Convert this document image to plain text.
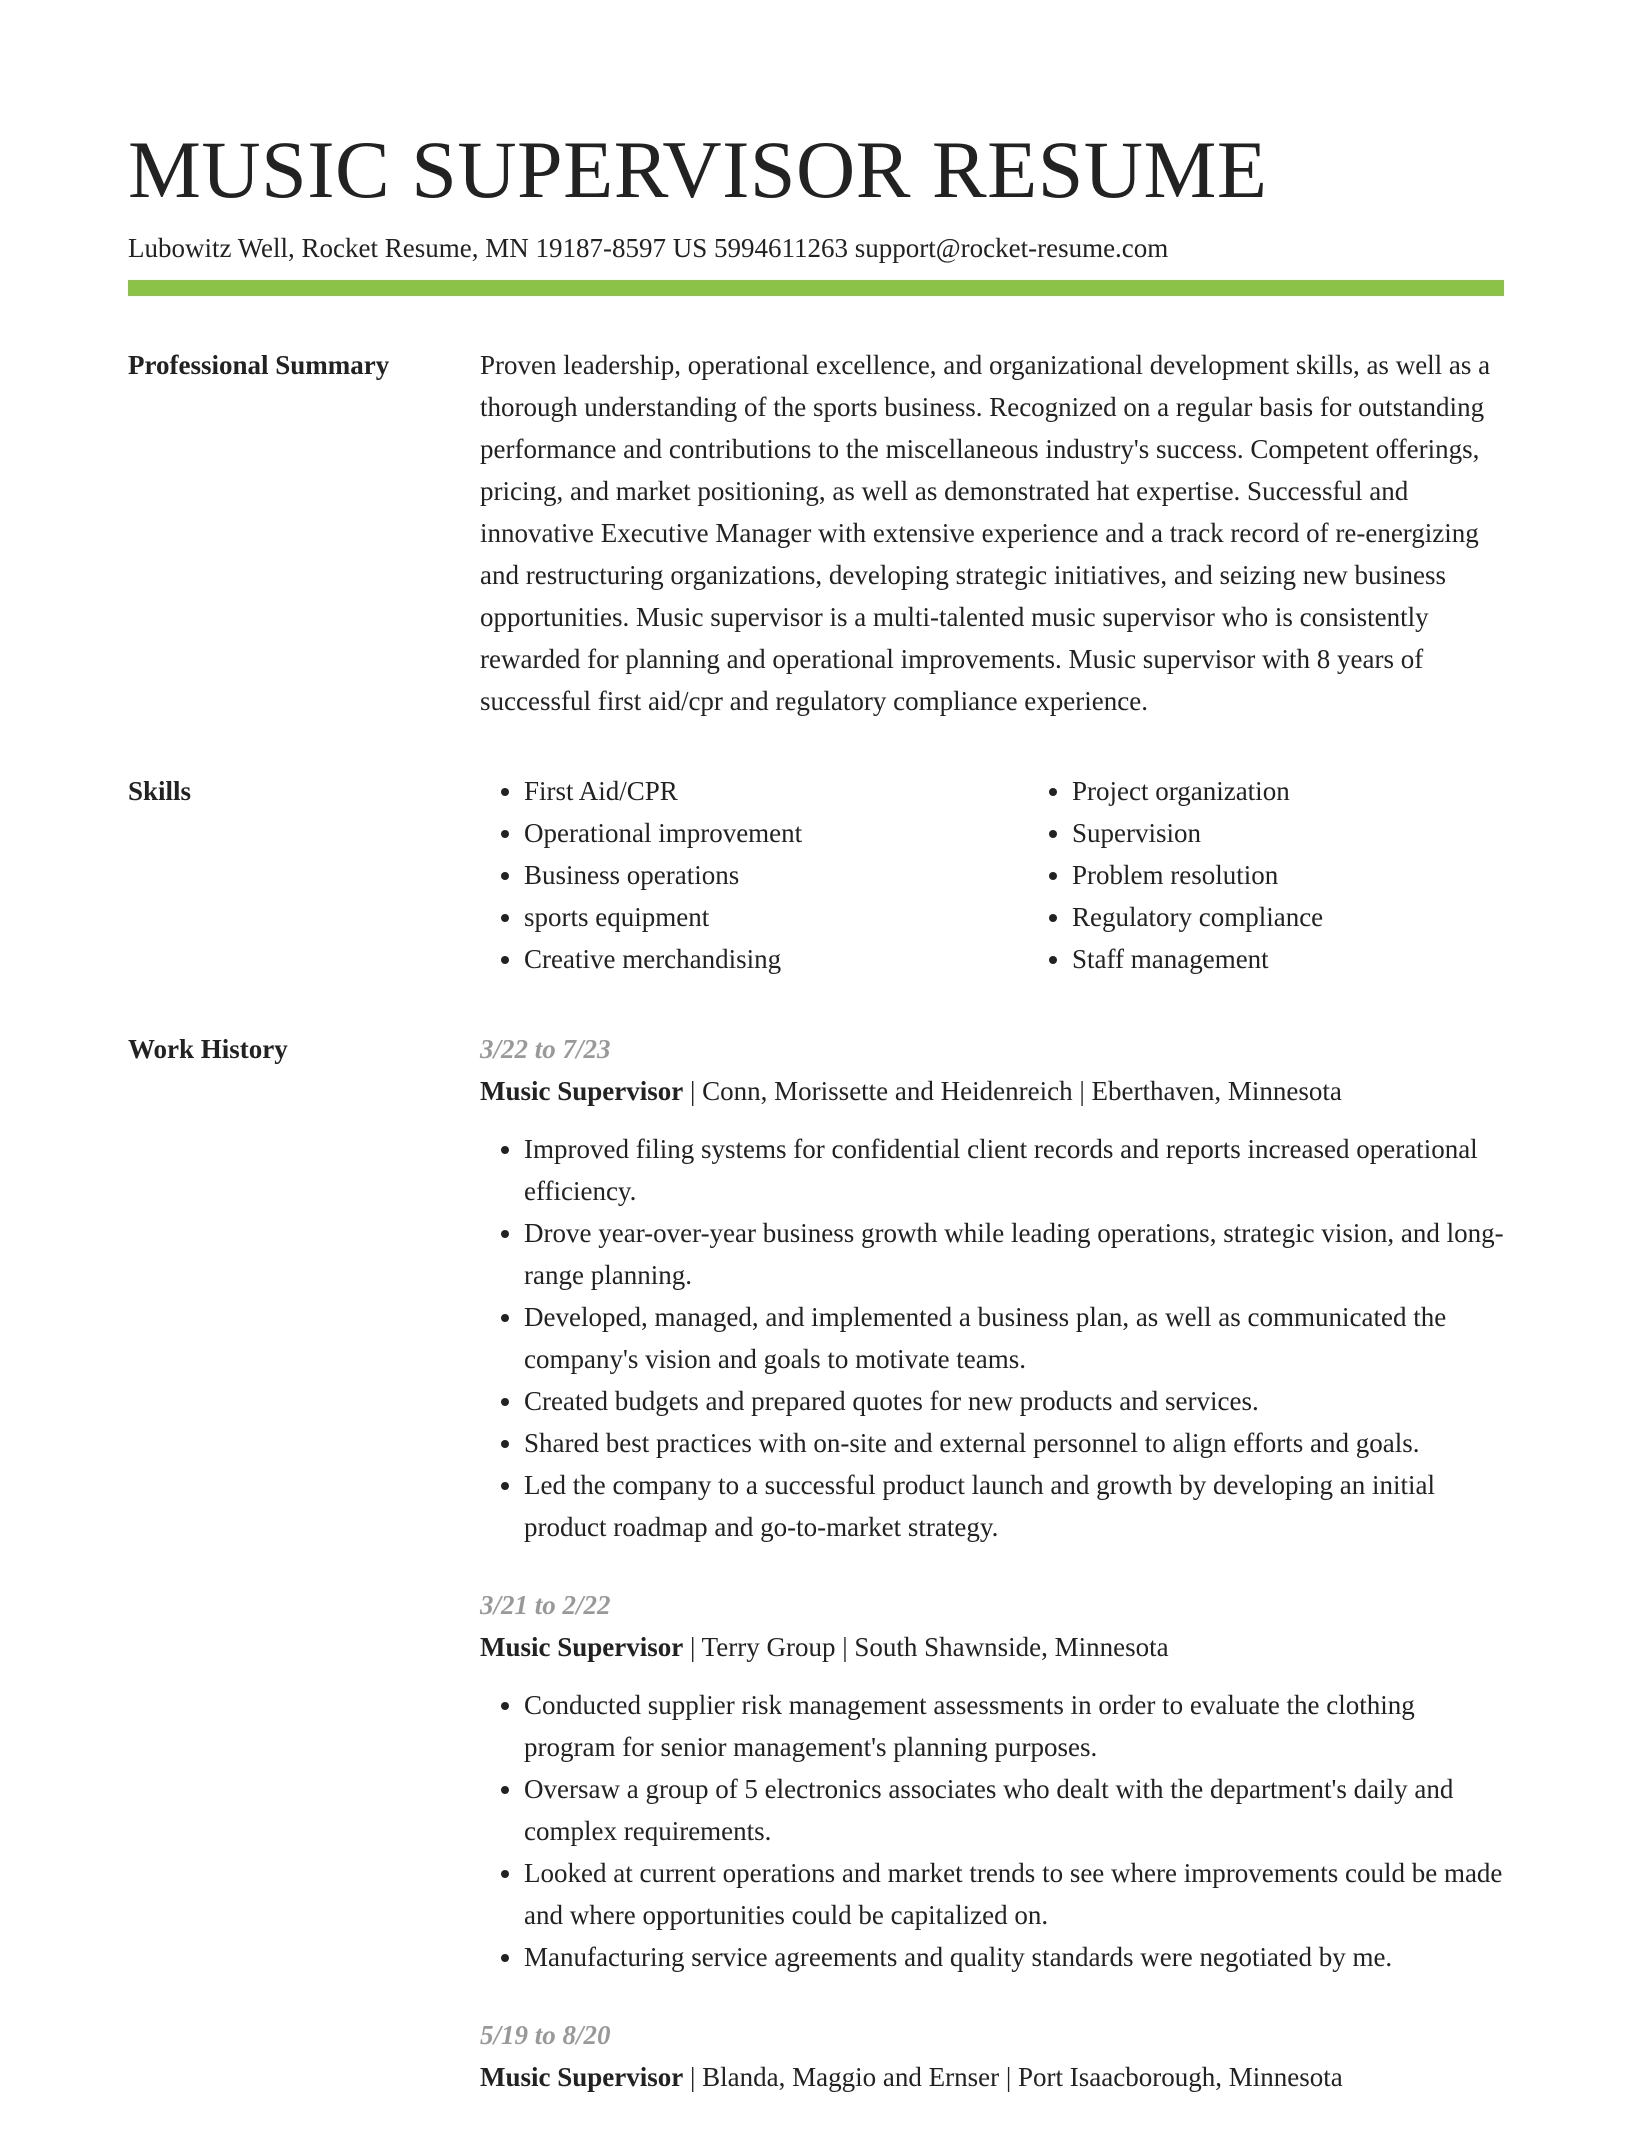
MUSIC SUPERVISOR RESUME
Lubowitz Well, Rocket Resume, MN 19187-8597 US 5994611263 support@rocket-resume.com
Professional Summary	Proven leadership, operational excellence, and organizational development skills, as well as a thorough understanding of the sports business. Recognized on a regular basis for outstanding performance and contributions to the miscellaneous industry's success. Competent offerings, pricing, and market positioning, as well as demonstrated hat expertise. Successful and innovative Executive Manager with extensive experience and a track record of re-energizing and restructuring organizations, developing strategic initiatives, and seizing new business opportunities. Music supervisor is a multi-talented music supervisor who is consistently rewarded for planning and operational improvements. Music supervisor with 8 years of successful first aid/cpr and regulatory compliance experience.

Skills
•	First Aid/CPR
• Operational improvement
• Business operations
• sports equipment
• Creative merchandising
• Project organization
• Supervision
• Problem resolution
• Regulatory compliance
• Staff management
Work History	3/22 to 7/23
Music Supervisor | Conn, Morissette and Heidenreich | Eberthaven, Minnesota
• Improved filing systems for confidential client records and reports increased operational efficiency.
• Drove year-over-year business growth while leading operations, strategic vision, and long-range planning.
• Developed, managed, and implemented a business plan, as well as communicated the company's vision and goals to motivate teams.
• Created budgets and prepared quotes for new products and services.
• Shared best practices with on-site and external personnel to align efforts and goals.
• Led the company to a successful product launch and growth by developing an initial product roadmap and go-to-market strategy.
3/21 to 2/22
Music Supervisor | Terry Group | South Shawnside, Minnesota
• Conducted supplier risk management assessments in order to evaluate the clothing program for senior management's planning purposes.
• Oversaw a group of 5 electronics associates who dealt with the department's daily and complex requirements.
• Looked at current operations and market trends to see where improvements could be made and where opportunities could be capitalized on.
• Manufacturing service agreements and quality standards were negotiated by me.
5/19 to 8/20
Music Supervisor | Blanda, Maggio and Ernser | Port Isaacborough, Minnesota
